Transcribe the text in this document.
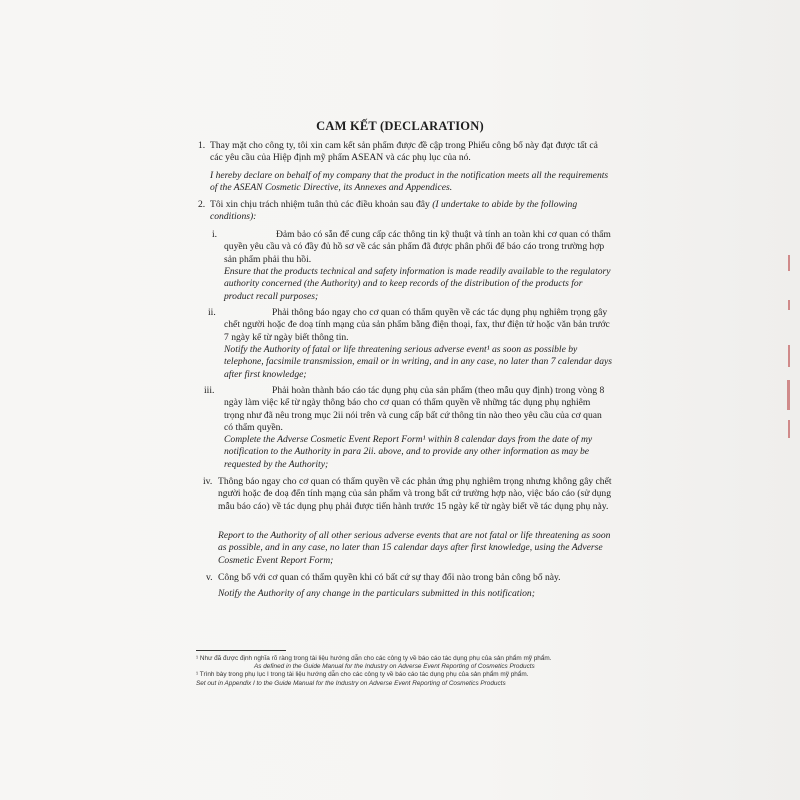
CAM KẾT (DECLARATION)
1. Thay mặt cho công ty, tôi xin cam kết sản phẩm được đề cập trong Phiếu công bố này đạt được tất cả các yêu cầu của Hiệp định mỹ phẩm ASEAN và các phụ lục của nó.
I hereby declare on behalf of my company that the product in the notification meets all the requirements of the ASEAN Cosmetic Directive, its Annexes and Appendices.
2. Tôi xin chịu trách nhiệm tuân thủ các điều khoản sau đây (I undertake to abide by the following conditions):
i.	Đảm bảo có sẵn để cung cấp các thông tin kỹ thuật và tính an toàn khi cơ quan có thẩm quyền yêu cầu và có đầy đủ hồ sơ về các sản phẩm đã được phân phối để báo cáo trong trường hợp sản phẩm phải thu hồi.
Ensure that the products technical and safety information is made readily available to the regulatory authority concerned (the Authority) and to keep records of the distribution of the products for product recall purposes;
ii.	Phải thông báo ngay cho cơ quan có thẩm quyền về các tác dụng phụ nghiêm trọng gây chết người hoặc đe doạ tính mạng của sản phẩm bằng điện thoại, fax, thư điện tử hoặc văn bản trước 7 ngày kể từ ngày biết thông tin.
Notify the Authority of fatal or life threatening serious adverse event¹ as soon as possible by telephone, facsimile transmission, email or in writing, and in any case, no later than 7 calendar days after first knowledge;
iii.	Phải hoàn thành báo cáo tác dụng phụ của sản phẩm (theo mẫu quy định) trong vòng 8 ngày làm việc kể từ ngày thông báo cho cơ quan có thẩm quyền về những tác dụng phụ nghiêm trọng như đã nêu trong mục 2ii nói trên và cung cấp bất cứ thông tin nào theo yêu cầu của cơ quan có thẩm quyền.
Complete the Adverse Cosmetic Event Report Form¹ within 8 calendar days from the date of my notification to the Authority in para 2ii. above, and to provide any other information as may be requested by the Authority;
iv. Thông báo ngay cho cơ quan có thẩm quyền về các phản ứng phụ nghiêm trọng nhưng không gây chết người hoặc đe doạ đến tính mạng của sản phẩm và trong bất cứ trường hợp nào, việc báo cáo (sử dụng mẫu báo cáo) về tác dụng phụ phải được tiến hành trước 15 ngày kể từ ngày biết về tác dụng phụ này.
Report to the Authority of all other serious adverse events that are not fatal or life threatening as soon as possible, and in any case, no later than 15 calendar days after first knowledge, using the Adverse Cosmetic Event Report Form;
v. Công bố với cơ quan có thẩm quyền khi có bất cứ sự thay đổi nào trong bản công bố này.
Notify the Authority of any change in the particulars submitted in this notification;
¹ Như đã được định nghĩa rõ ràng trong tài liệu hướng dẫn cho các công ty về báo cáo tác dụng phụ của sản phẩm mỹ phẩm.
As defined in the Guide Manual for the Industry on Adverse Event Reporting of Cosmetics Products
¹ Trình bày trong phụ lục I trong tài liệu hướng dẫn cho các công ty về báo cáo tác dụng phụ của sản phẩm mỹ phẩm.
Set out in Appendix I to the Guide Manual for the Industry on Adverse Event Reporting of Cosmetics Products
